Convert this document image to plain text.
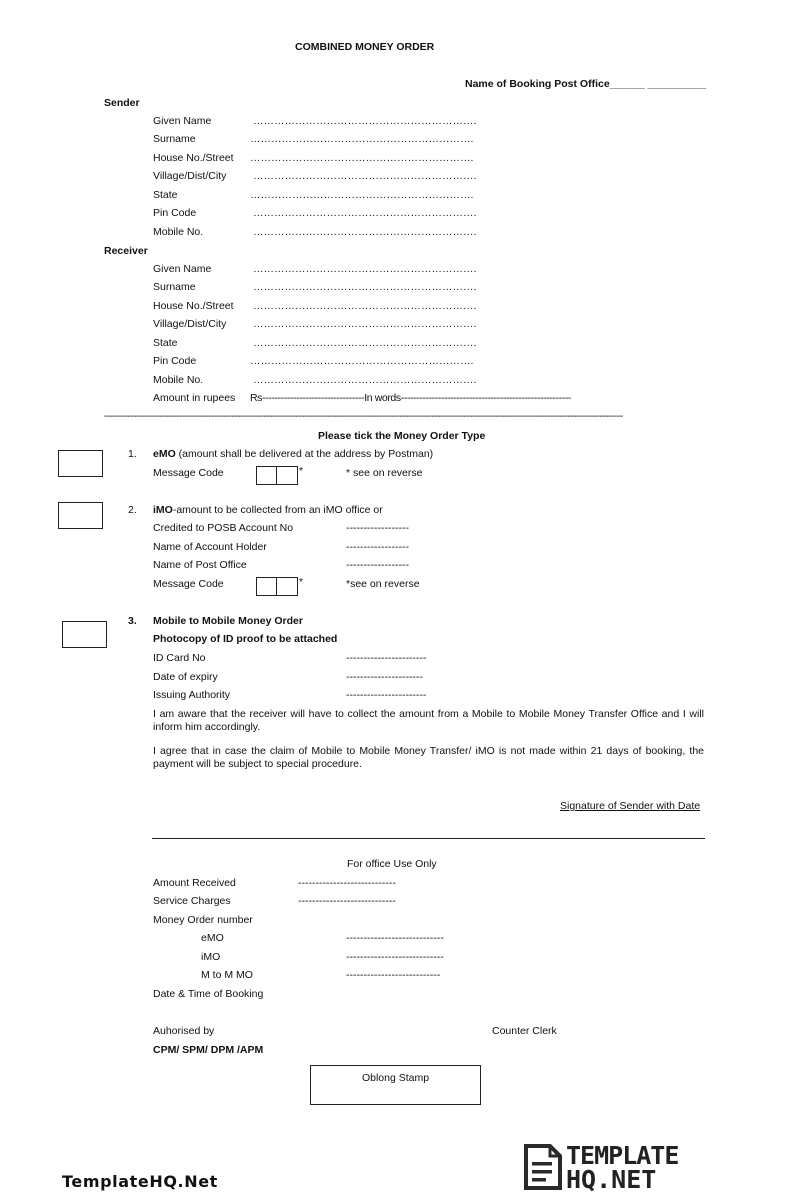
COMBINED MONEY ORDER
Name of Booking Post Office______ __________
Sender
Given Name	……………………………………………………….
Surname	……………………………………………………….
House No./Street ……………………………………………………….
Village/Dist/City	……………………………………………………….
State	……………………………………………………….
Pin Code	……………………………………………………….
Mobile No.	……………………………………………………….
Receiver
Given Name	……………………………………………………….
Surname	……………………………………………………….
House No./Street ……………………………………………………….
Village/Dist/City	……………………………………………………….
State	……………………………………………………….
Pin Code	……………………………………………………….
Mobile No.	……………………………………………………….
Amount in rupees Rs---------------------------------In words-------------------------------------------------------
-----------------------------------------------------------------------------------------------------------------------------------------------------------------------------------
Please tick the Money Order Type
1. eMO (amount shall be delivered at the address by Postman)
Message Code	*	* see on reverse
2. iMO-amount to be collected from an iMO office or
Credited to POSB Account No	------------------
Name of Account Holder	------------------
Name of Post Office	------------------
Message Code	*	*see on reverse
3. Mobile to Mobile Money Order
Photocopy of ID proof to be attached
ID Card No	-----------------------
Date of expiry	----------------------
Issuing Authority	-----------------------
I am aware that the receiver will have to collect the amount from a Mobile to Mobile Money Transfer Office and I will inform him accordingly.
I agree that in case the claim of Mobile to Mobile Money Transfer/ iMO is not made within 21 days of booking, the payment will be subject to special procedure.
Signature of Sender with Date
For office Use Only
Amount Received	----------------------------
Service Charges	----------------------------
Money Order number
eMO	----------------------------
iMO	----------------------------
M to M MO	---------------------------
Date & Time of Booking
Auhorised by	Counter Clerk
CPM/ SPM/ DPM /APM
Oblong Stamp
TemplateHQ.Net
TEMPLATE
HQ.NET
